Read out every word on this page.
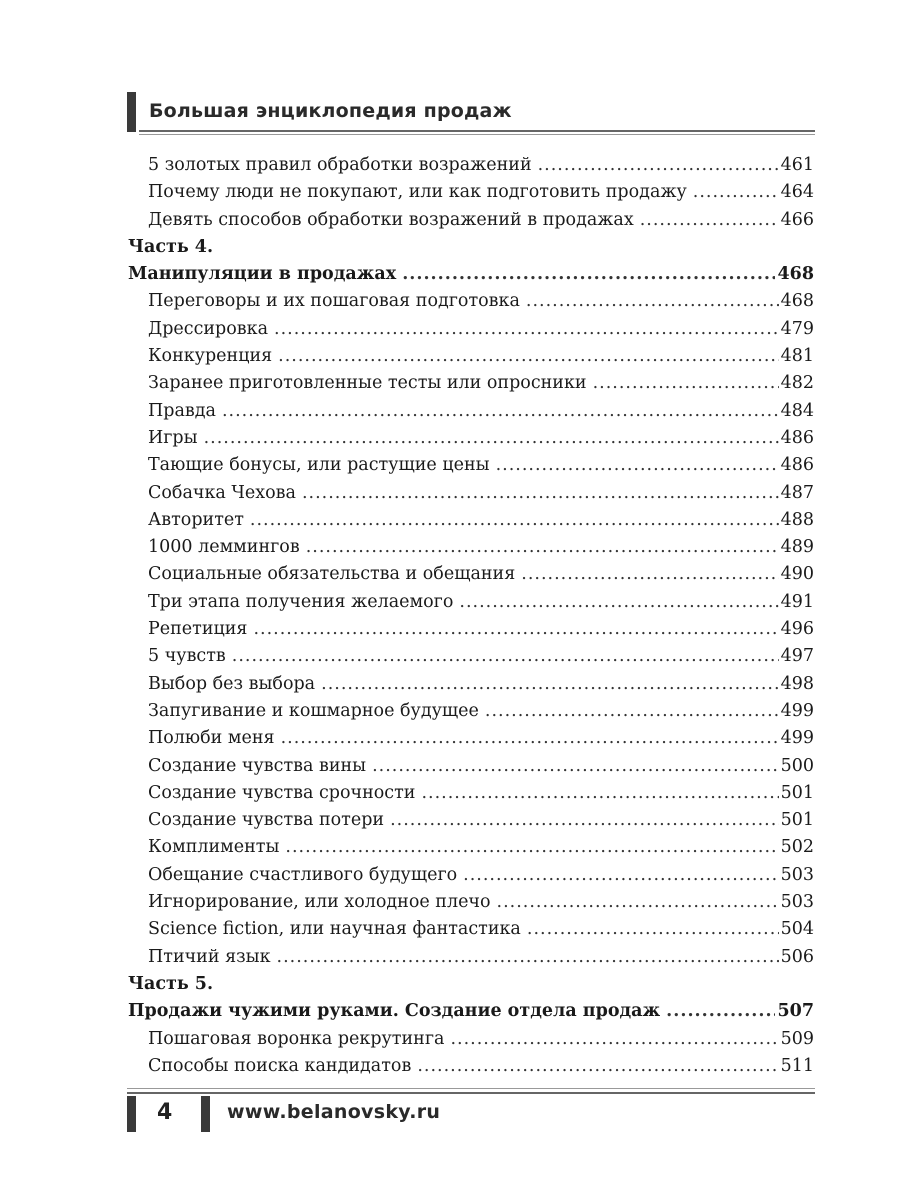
Большая энциклопедия продаж
5 золотых правил обработки возражений .....	461
Почему люди не покупают, или как подготовить продажу .....	464
Девять способов обработки возражений в продажах .....	466
Часть 4.
Манипуляции в продажах .....	468
Переговоры и их пошаговая подготовка .....	468
Дрессировка .....	479
Конкуренция .....	481
Заранее приготовленные тесты или опросники .....	482
Правда .....	484
Игры .....	486
Тающие бонусы, или растущие цены .....	486
Собачка Чехова .....	487
Авторитет .....	488
1000 леммингов .....	489
Социальные обязательства и обещания .....	490
Три этапа получения желаемого .....	491
Репетиция .....	496
5 чувств .....	497
Выбор без выбора .....	498
Запугивание и кошмарное будущее .....	499
Полюби меня .....	499
Создание чувства вины .....	500
Создание чувства срочности .....	501
Создание чувства потери .....	501
Комплименты .....	502
Обещание счастливого будущего .....	503
Игнорирование, или холодное плечо .....	503
Science fiction, или научная фантастика .....	504
Птичий язык .....	506
Часть 5.
Продажи чужими руками. Создание отдела продаж .....	507
Пошаговая воронка рекрутинга .....	509
Способы поиска кандидатов .....	511
4	www.belanovsky.ru
